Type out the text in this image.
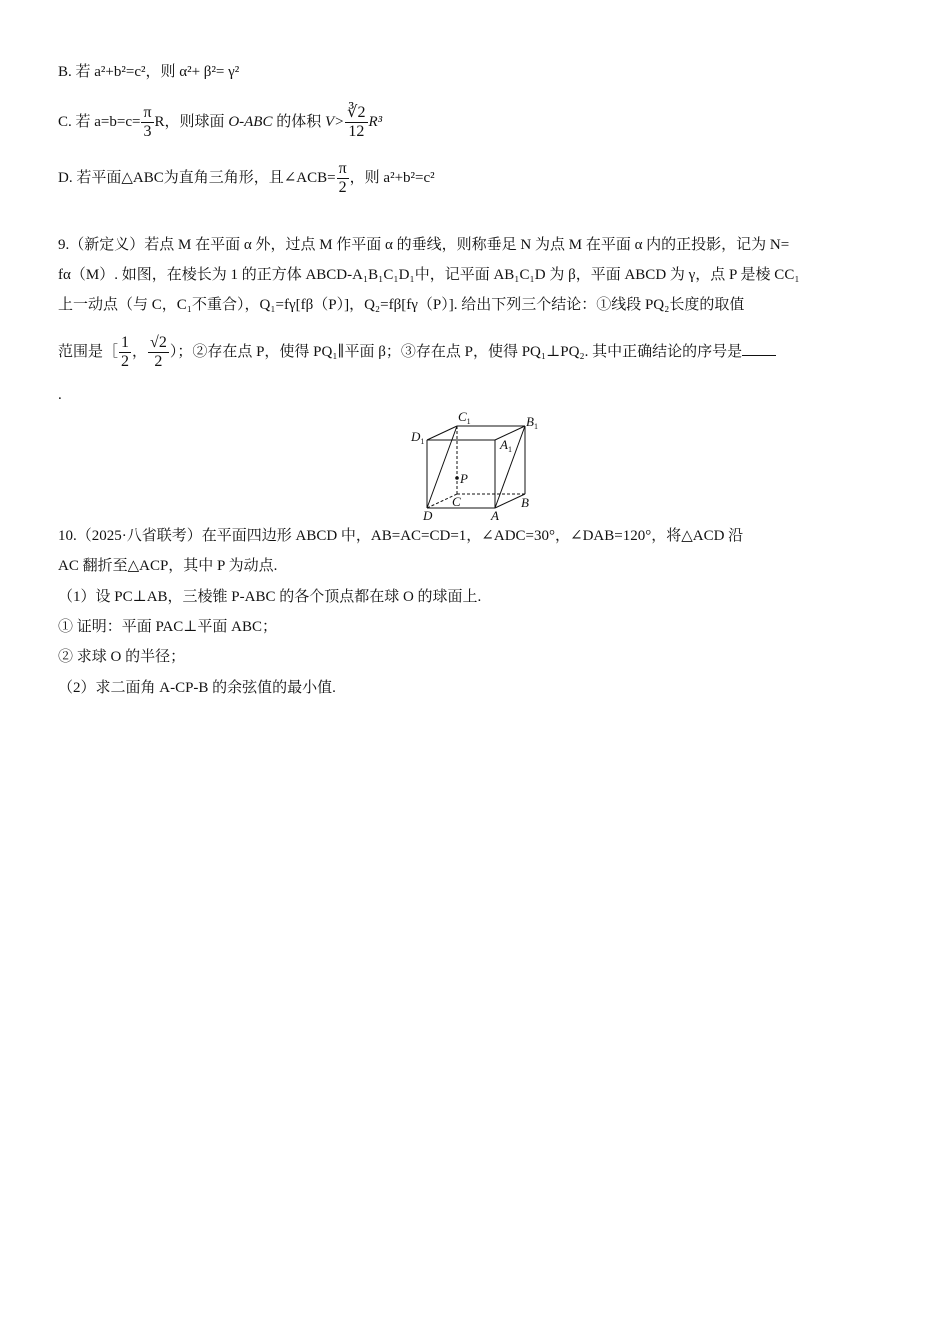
B. 若 a²+b²=c²，则 α²+ β²= γ²
C. 若 $a=b=c= \frac{\pi}{3}$ R，则球面 O-ABC 的体积 $V> \frac{∛2}{12} R^3$
D. 若平面△ABC为直角三角形，且∠ACB= $\frac{\pi}{2}$ ，则 a²+b²=c²
9.（新定义）若点 M 在平面 α 外，过点 M 作平面 α 的垂线，则称垂足 N 为点 M 在平面 α 内的正投影，记为 N=
fα（M）. 如图，在棱长为 1 的正方体 ABCD-A₁B₁C₁D₁中，记平面 AB₁C₁D 为 β，平面 ABCD 为 γ，点 P 是棱 CC₁
上一动点（与 C，C₁不重合），Q₁=fγ[fβ（P）]，Q₂=fβ[fγ（P）]. 给出下列三个结论：①线段 PQ₂长度的取值
范围是［ $\frac{1}{2}$ ， $\frac{√2}{2}$ ）；②存在点 P，使得 PQ₁∥平面 β；③存在点 P，使得 PQ₁⊥PQ₂. 其中正确结论的序号是
.
$C_1$	$B_1$
$D_1$	$A_1$
P
C
D	A
B
10.（2025·八省联考）在平面四边形 ABCD 中，AB=AC=CD=1，∠ADC=30°，∠DAB=120°，将△ACD 沿
AC 翻折至△ACP，其中 P 为动点.
（1）设 PC⊥AB，三棱锥 P-ABC 的各个顶点都在球 O 的球面上.
① 证明：平面 PAC⊥平面 ABC；
② 求球 O 的半径；
（2）求二面角 A-CP-B 的余弦值的最小值.
